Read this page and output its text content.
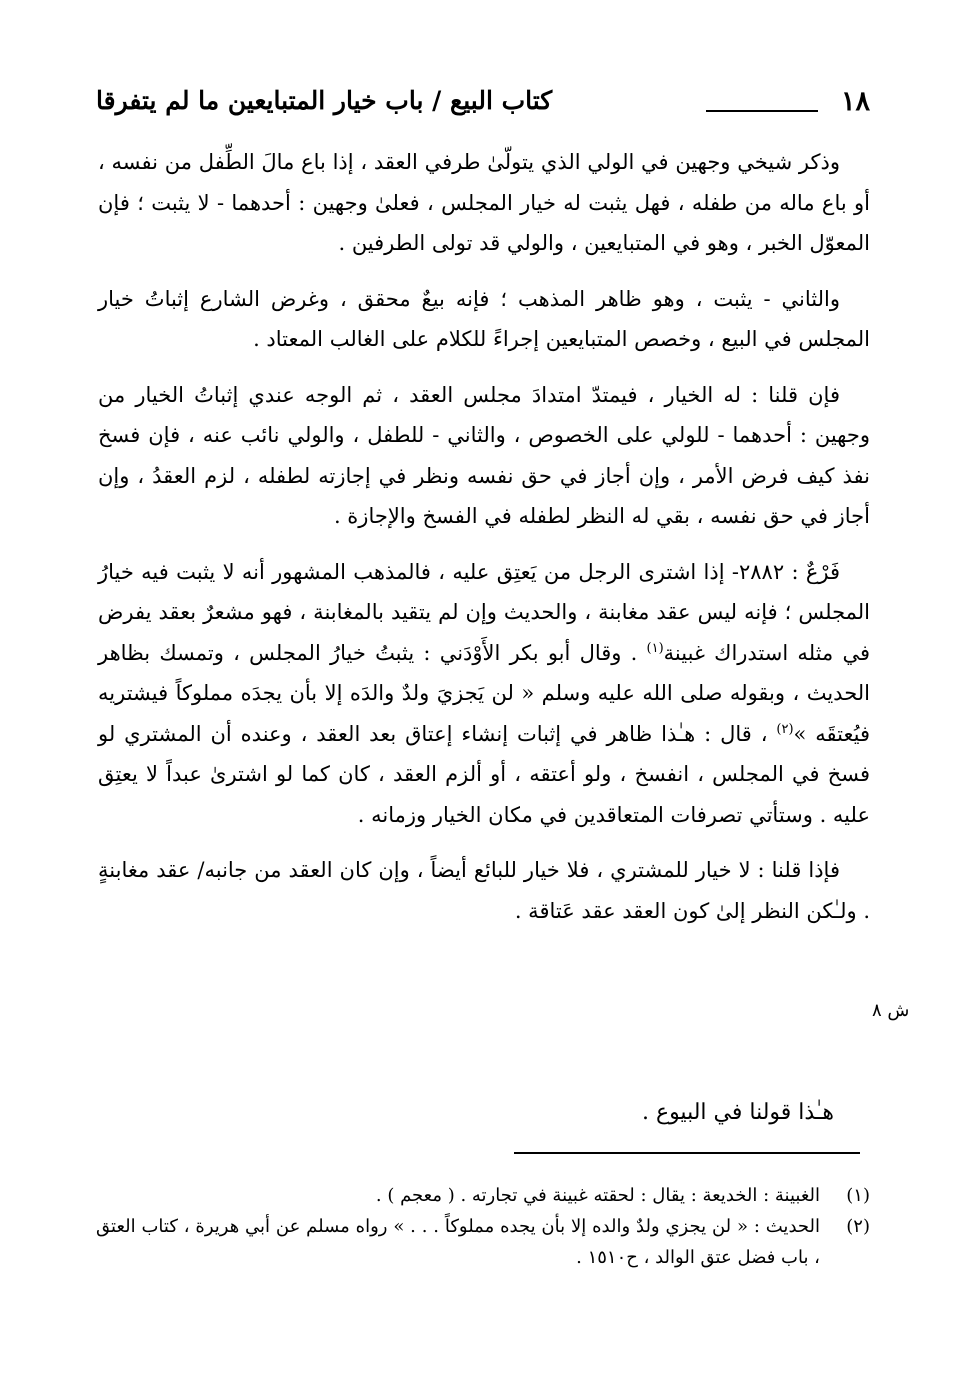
١٨
كتاب البيع / باب خيار المتبايعين ما لم يتفرقا

وذكر شيخي وجهين في الولي الذي يتولّىٰ طرفي العقد ، إذا باع مالَ الطِّفل من نفسه ، أو باع ماله من طفله ، فهل يثبت له خيار المجلس ، فعلىٰ وجهين : أحدهما - لا يثبت ؛ فإن المعوّل الخبر ، وهو في المتبايعين ، والولي قد تولى الطرفين .

والثاني - يثبت ، وهو ظاهر المذهب ؛ فإنه بيعٌ محقق ، وغرض الشارع إثباتُ خيار المجلس في البيع ، وخصص المتبايعين إجراءً للكلام على الغالب المعتاد .

فإن قلنا : له الخيار ، فيمتدّ امتدادَ مجلس العقد ، ثم الوجه عندي إثباتُ الخيار من وجهين : أحدهما - للولي على الخصوص ، والثاني - للطفل ، والولي نائب عنه ، فإن فسخ نفذ كيف فرض الأمر ، وإن أجاز في حق نفسه ونظر في إجازته لطفله ، لزم العقدُ ، وإن أجاز في حق نفسه ، بقي له النظر لطفله في الفسخ والإجازة .

فَرْعٌ : ٢٨٨٢- إذا اشترى الرجل من يَعتِق عليه ، فالمذهب المشهور أنه لا يثبت فيه خيارُ المجلس ؛ فإنه ليس عقد مغابنة ، والحديث وإن لم يتقيد بالمغابنة ، فهو مشعرٌ بعقد يفرض في مثله استدراك غبينة$^{(١)}$ . وقال أبو بكر الأَوْدَني : يثبتُ خيارُ المجلس ، وتمسك بظاهر الحديث ، وبقوله صلى الله عليه وسلم « لن يَجزيَ ولدٌ والدَه إلا بأن يجدَه مملوكاً فيشتريه فيُعتقَه »$^{(٢)}$ ، قال : هـٰذا ظاهر في إثبات إنشاء إعتاق بعد العقد ، وعنده أن المشتري لو فسخ في المجلس ، انفسخ ، ولو أعتقه ، أو ألزم العقد ، كان كما لو اشترىٰ عبداً لا يعتِق عليه . وستأتي تصرفات المتعاقدين في مكان الخيار وزمانه .

فإذا قلنا : لا خيار للمشتري ، فلا خيار للبائع أيضاً ، وإن كان العقد من جانبه/ عقد مغابنةٍ . ولـٰكن النظر إلىٰ كون العقد عقد عَتاقة .

ش ٨
هـٰذا قولنا في البيوع .
(١)
الغبينة : الخديعة : يقال : لحقته غبينة في تجارته . ( معجم ) .
(٢)
الحديث : « لن يجزي ولدٌ والده إلا بأن يجده مملوكاً . . . » رواه مسلم عن أبي هريرة ، كتاب العتق ، باب فضل عتق الوالد ، ح١٥١٠ .
